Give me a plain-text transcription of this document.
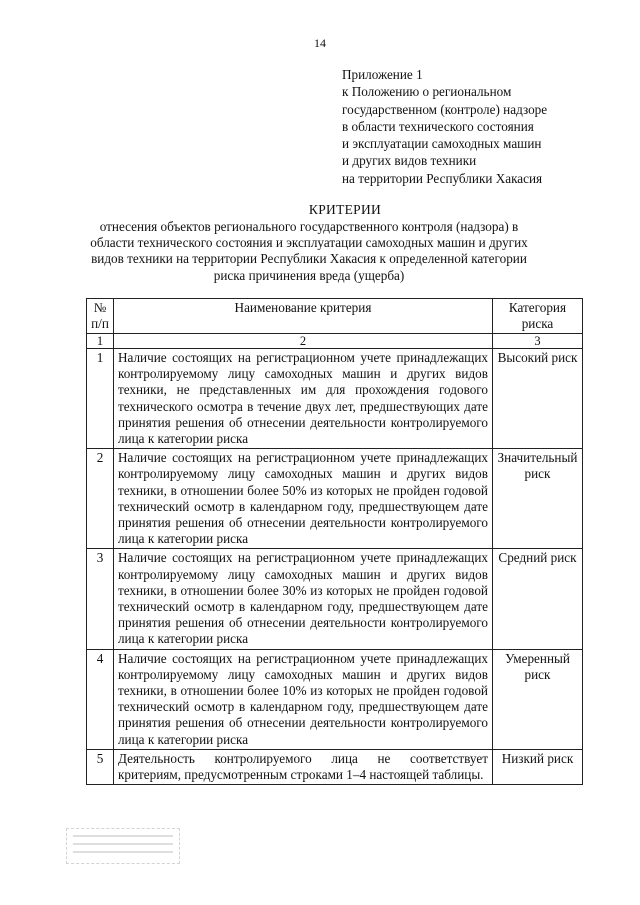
14
Приложение 1
к Положению о региональном
государственном (контроле) надзоре
в области технического состояния
и эксплуатации самоходных машин
и других видов техники
на территории Республики Хакасия
КРИТЕРИИ
отнесения объектов регионального государственного контроля (надзора) в области технического состояния и эксплуатации самоходных машин и других видов техники на территории Республики Хакасия к определенной категории риска причинения вреда (ущерба)
№ п/п	Наименование критерия	Категория риска
1	2	3
1	Наличие состоящих на регистрационном учете принадлежащих контролируемому лицу самоходных машин и других видов техники, не представленных им для прохождения годового технического осмотра в течение двух лет, предшествующих дате принятия решения об отнесении деятельности контролируемого лица к категории риска	Высокий риск
2	Наличие состоящих на регистрационном учете принадлежащих контролируемому лицу самоходных машин и других видов техники, в отношении более 50% из которых не пройден годовой технический осмотр в календарном году, предшествующем дате принятия решения об отнесении деятельности контролируемого лица к категории риска	Значительный риск
3	Наличие состоящих на регистрационном учете принадлежащих контролируемому лицу самоходных машин и других видов техники, в отношении более 30% из которых не пройден годовой технический осмотр в календарном году, предшествующем дате принятия решения об отнесении деятельности контролируемого лица к категории риска	Средний риск
4	Наличие состоящих на регистрационном учете принадлежащих контролируемому лицу самоходных машин и других видов техники, в отношении более 10% из которых не пройден годовой технический осмотр в календарном году, предшествующем дате принятия решения об отнесении деятельности контролируемого лица к категории риска	Умеренный риск
5	Деятельность контролируемого лица не соответствует критериям, предусмотренным строками 1–4 настоящей таблицы.	Низкий риск
